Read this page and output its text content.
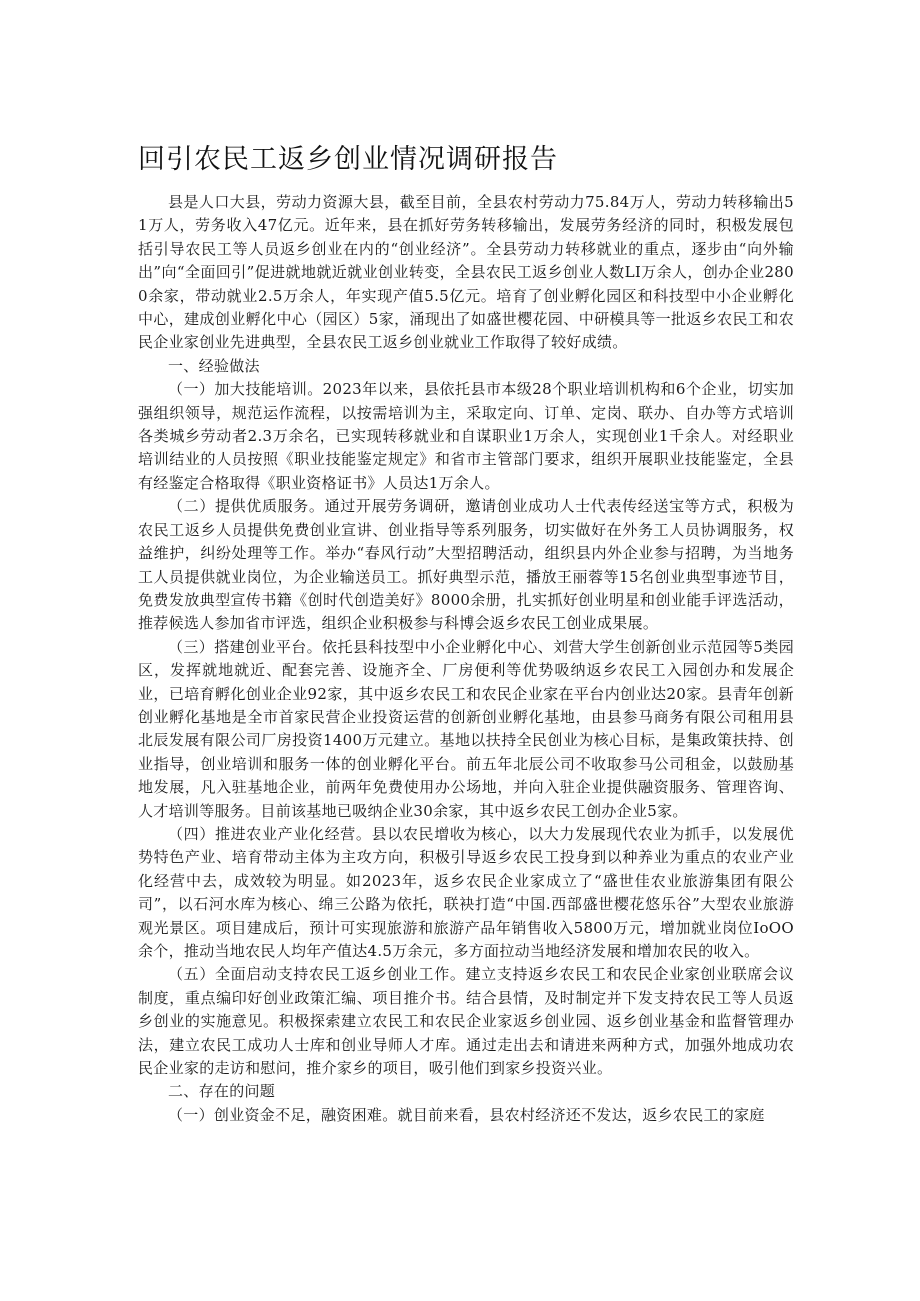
回引农民工返乡创业情况调研报告

县是人口大县，劳动力资源大县，截至目前，全县农村劳动力75.84万人，劳动力转移输出51万人，劳务收入47亿元。近年来，县在抓好劳务转移输出，发展劳务经济的同时，积极发展包括引导农民工等人员返乡创业在内的“创业经济”。全县劳动力转移就业的重点，逐步由“向外输出”向“全面回引”促进就地就近就业创业转变，全县农民工返乡创业人数LI万余人，创办企业2800余家，带动就业2.5万余人，年实现产值5.5亿元。培育了创业孵化园区和科技型中小企业孵化中心，建成创业孵化中心（园区）5家，涌现出了如盛世樱花园、中研模具等一批返乡农民工和农民企业家创业先进典型，全县农民工返乡创业就业工作取得了较好成绩。

一、经验做法

（一）加大技能培训。2023年以来，县依托县市本级28个职业培训机构和6个企业，切实加强组织领导，规范运作流程，以按需培训为主，采取定向、订单、定岗、联办、自办等方式培训各类城乡劳动者2.3万余名，已实现转移就业和自谋职业1万余人，实现创业1千余人。对经职业培训结业的人员按照《职业技能鉴定规定》和省市主管部门要求，组织开展职业技能鉴定，全县有经鉴定合格取得《职业资格证书》人员达1万余人。

（二）提供优质服务。通过开展劳务调研，邀请创业成功人士代表传经送宝等方式，积极为农民工返乡人员提供免费创业宣讲、创业指导等系列服务，切实做好在外务工人员协调服务，权益维护，纠纷处理等工作。举办“春风行动”大型招聘活动，组织县内外企业参与招聘，为当地务工人员提供就业岗位，为企业输送员工。抓好典型示范，播放王丽蓉等15名创业典型事迹节目，免费发放典型宣传书籍《创时代创造美好》8000余册，扎实抓好创业明星和创业能手评选活动，推荐候选人参加省市评选，组织企业积极参与科博会返乡农民工创业成果展。

（三）搭建创业平台。依托县科技型中小企业孵化中心、刘营大学生创新创业示范园等5类园区，发挥就地就近、配套完善、设施齐全、厂房便利等优势吸纳返乡农民工入园创办和发展企业，已培育孵化创业企业92家，其中返乡农民工和农民企业家在平台内创业达20家。县青年创新创业孵化基地是全市首家民营企业投资运营的创新创业孵化基地，由县参马商务有限公司租用县北辰发展有限公司厂房投资1400万元建立。基地以扶持全民创业为核心目标，是集政策扶持、创业指导，创业培训和服务一体的创业孵化平台。前五年北辰公司不收取参马公司租金，以鼓励基地发展，凡入驻基地企业，前两年免费使用办公场地，并向入驻企业提供融资服务、管理咨询、人才培训等服务。目前该基地已吸纳企业30余家，其中返乡农民工创办企业5家。

（四）推进农业产业化经营。县以农民增收为核心，以大力发展现代农业为抓手，以发展优势特色产业、培育带动主体为主攻方向，积极引导返乡农民工投身到以种养业为重点的农业产业化经营中去，成效较为明显。如2023年，返乡农民企业家成立了“盛世佳农业旅游集团有限公司”，以石河水库为核心、绵三公路为依托，联袂打造“中国.西部盛世樱花悠乐谷”大型农业旅游观光景区。项目建成后，预计可实现旅游和旅游产品年销售收入5800万元，增加就业岗位IoOO余个，推动当地农民人均年产值达4.5万余元，多方面拉动当地经济发展和增加农民的收入。

（五）全面启动支持农民工返乡创业工作。建立支持返乡农民工和农民企业家创业联席会议制度，重点编印好创业政策汇编、项目推介书。结合县情，及时制定并下发支持农民工等人员返乡创业的实施意见。积极探索建立农民工和农民企业家返乡创业园、返乡创业基金和监督管理办法，建立农民工成功人士库和创业导师人才库。通过走出去和请进来两种方式，加强外地成功农民企业家的走访和慰问，推介家乡的项目，吸引他们到家乡投资兴业。

二、存在的问题

（一）创业资金不足，融资困难。就目前来看，县农村经济还不发达，返乡农民工的家庭
